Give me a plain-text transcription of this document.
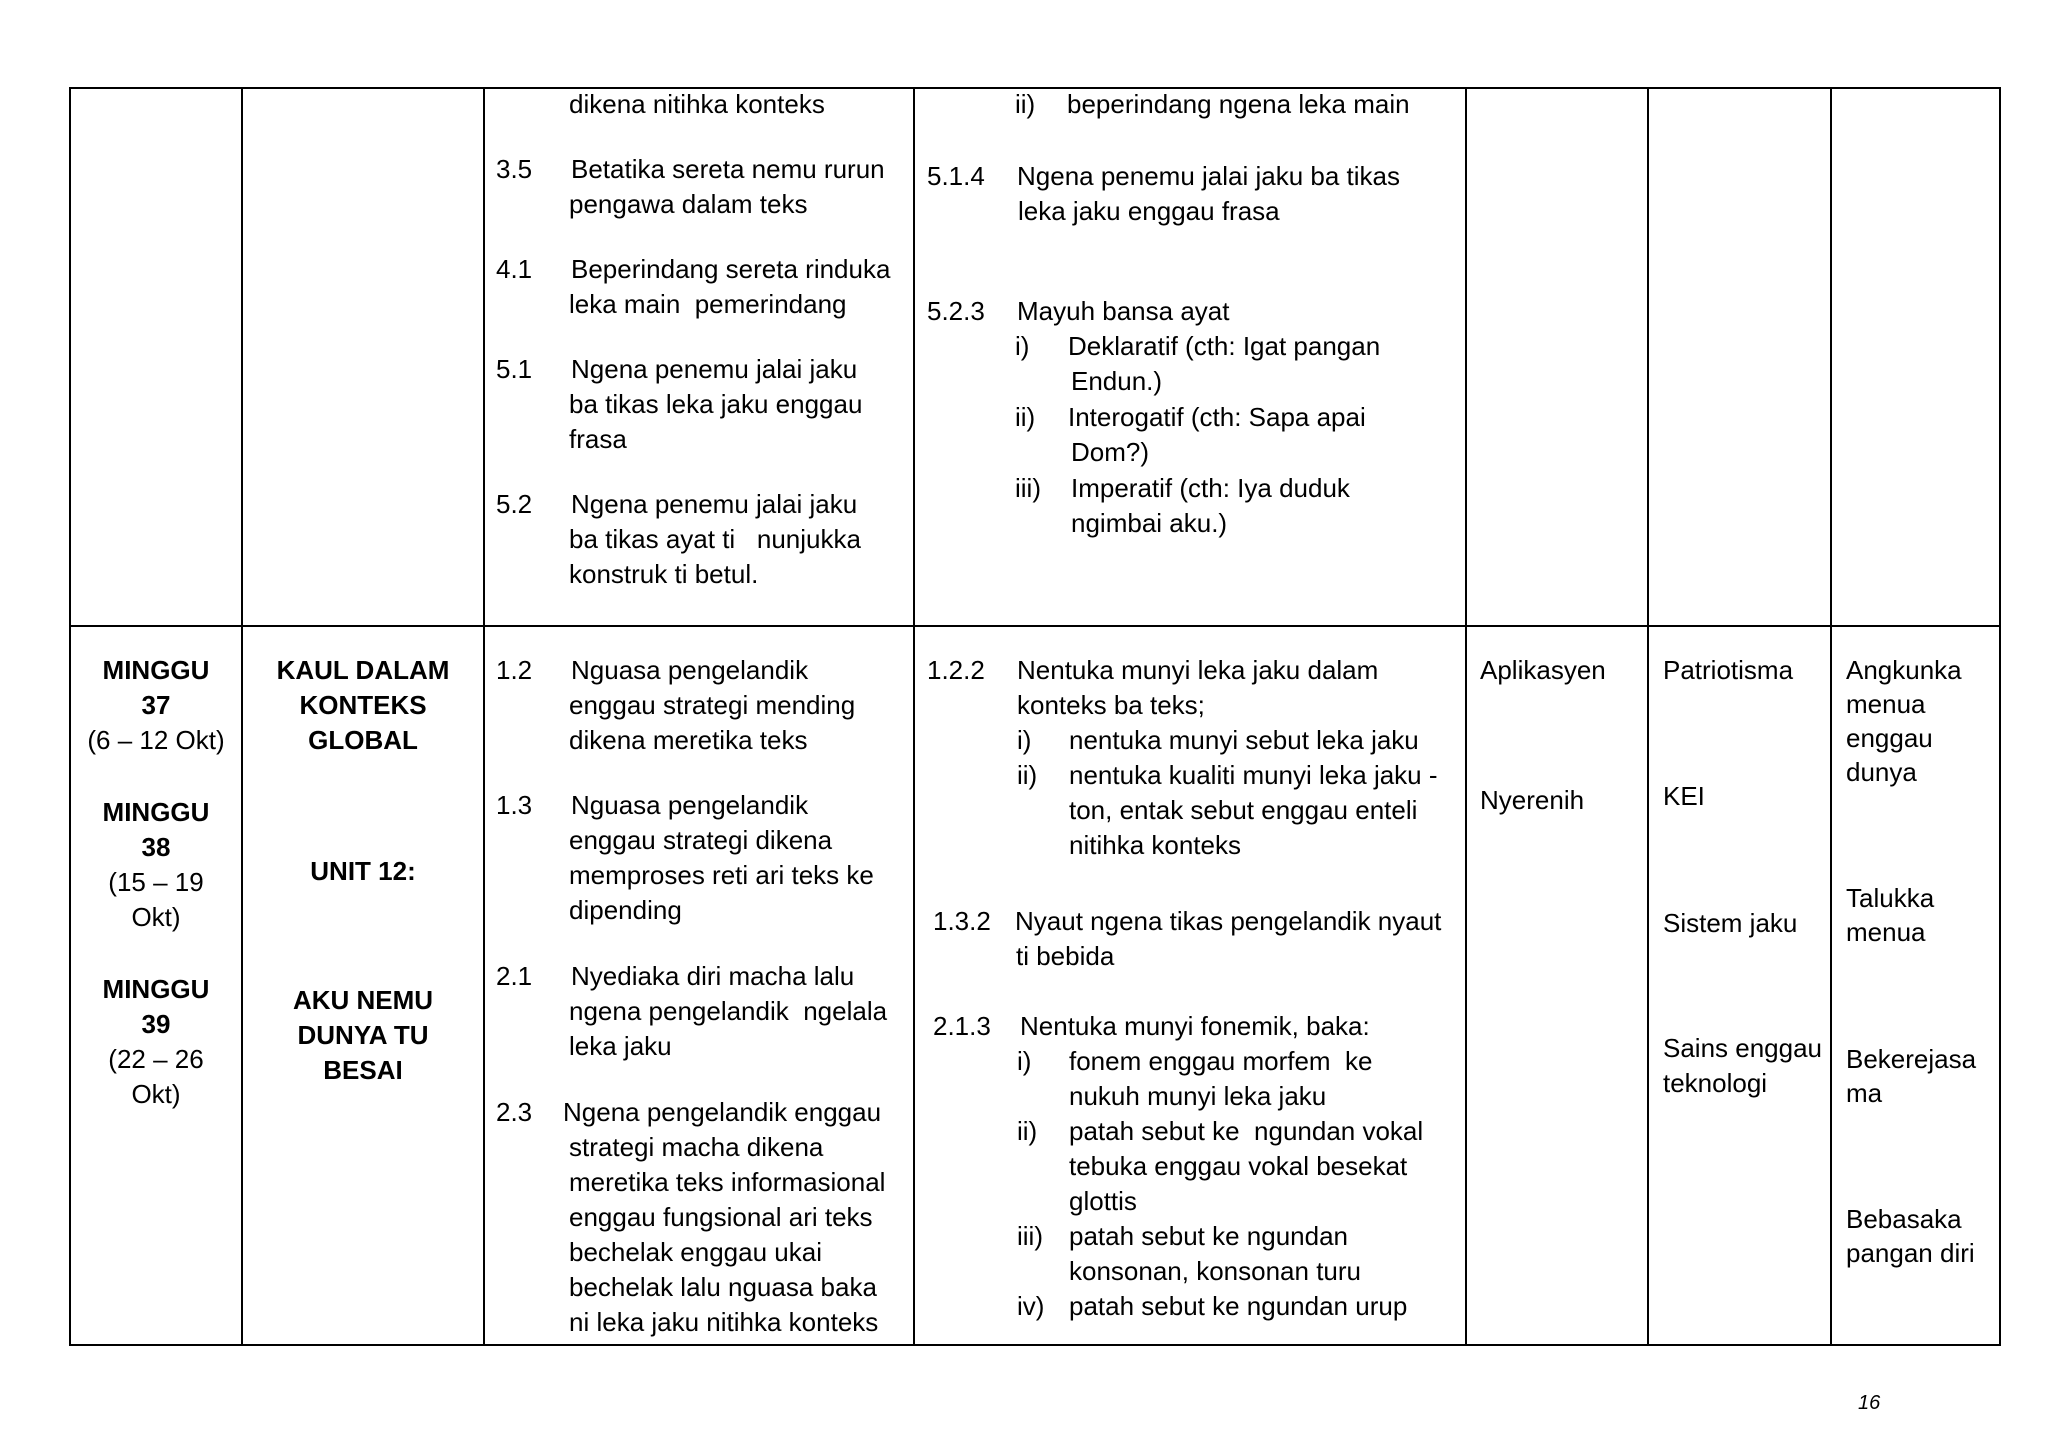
dikena nitihka konteks
3.5 Betatika sereta nemu rurun
pengawa dalam teks
4.1 Beperindang sereta rinduka
leka main  pemerindang
5.1 Ngena penemu jalai jaku
ba tikas leka jaku enggau
frasa
5.2 Ngena penemu jalai jaku
ba tikas ayat ti   nunjukka
konstruk ti betul.
ii) beperindang ngena leka main
5.1.4 Ngena penemu jalai jaku ba tikas
leka jaku enggau frasa
5.2.3 Mayuh bansa ayat
i) Deklaratif (cth: Igat pangan
Endun.)
ii) Interogatif (cth: Sapa apai
Dom?)
iii) Imperatif (cth: Iya duduk
ngimbai aku.)
MINGGU
37
(6 – 12 Okt)
MINGGU
38
(15 – 19
Okt)
MINGGU
39
(22 – 26
Okt)
KAUL DALAM
KONTEKS
GLOBAL
UNIT 12:
AKU NEMU
DUNYA TU
BESAI
1.2 Nguasa pengelandik
enggau strategi mending
dikena meretika teks
1.3 Nguasa pengelandik
enggau strategi dikena
memproses reti ari teks ke
dipending
2.1 Nyediaka diri macha lalu
ngena pengelandik  ngelala
leka jaku
2.3 Ngena pengelandik enggau
strategi macha dikena
meretika teks informasional
enggau fungsional ari teks
bechelak enggau ukai
bechelak lalu nguasa baka
ni leka jaku nitihka konteks
1.2.2 Nentuka munyi leka jaku dalam
konteks ba teks;
i) nentuka munyi sebut leka jaku
ii) nentuka kualiti munyi leka jaku -
ton, entak sebut enggau enteli
nitihka konteks
1.3.2 Nyaut ngena tikas pengelandik nyaut
ti bebida
2.1.3 Nentuka munyi fonemik, baka:
i) fonem enggau morfem  ke
nukuh munyi leka jaku
ii) patah sebut ke  ngundan vokal
tebuka enggau vokal besekat
glottis
iii) patah sebut ke ngundan
konsonan, konsonan turu
iv) patah sebut ke ngundan urup
Aplikasyen
Nyerenih
Patriotisma
KEI
Sistem jaku
Sains enggau
teknologi
Angkunka
menua
enggau
dunya
Talukka
menua
Bekerejasa
ma
Bebasaka
pangan diri
16
